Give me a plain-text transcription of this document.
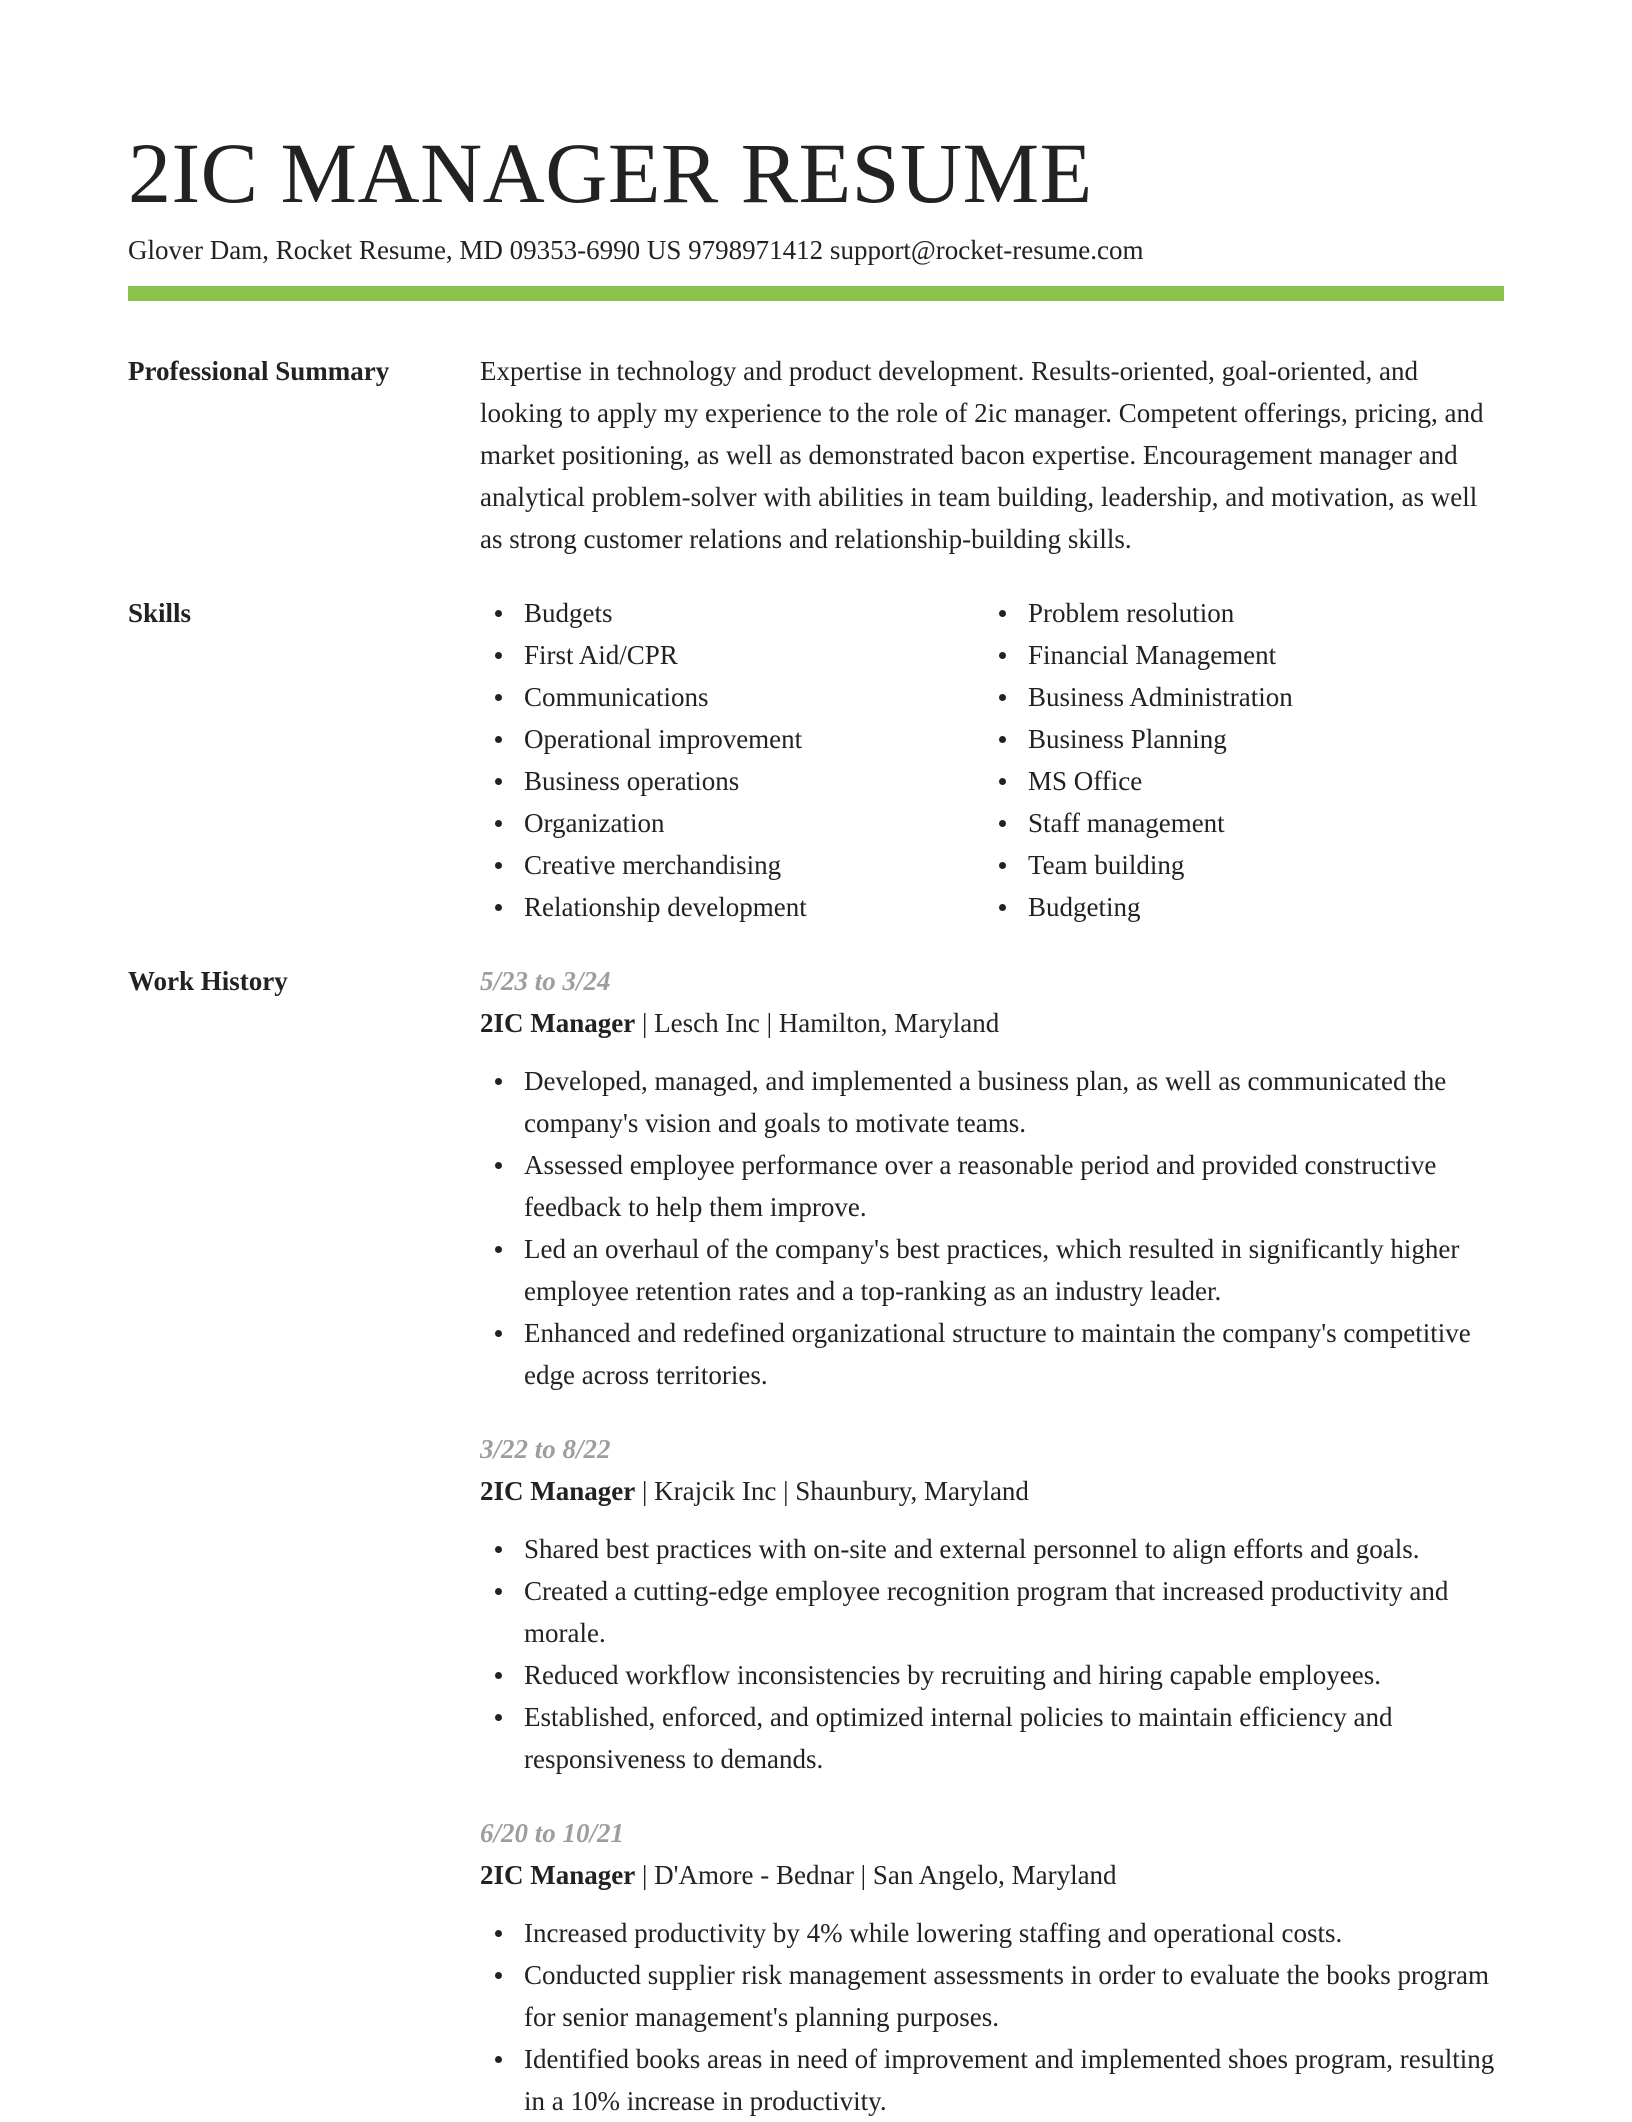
2IC MANAGER RESUME
Glover Dam, Rocket Resume, MD 09353-6990 US 9798971412 support@rocket-resume.com
Professional Summary	Expertise in technology and product development. Results-oriented, goal-oriented, and looking to apply my experience to the role of 2ic manager. Competent offerings, pricing, and market positioning, as well as demonstrated bacon expertise. Encouragement manager and analytical problem-solver with abilities in team building, leadership, and motivation, as well as strong customer relations and relationship-building skills.

Skills	Budgets
First Aid/CPR
Communications
Operational improvement
Business operations
Organization
Creative merchandising
Relationship development
Problem resolution
Financial Management
Business Administration
Business Planning
MS Office
Staff management
Team building
Budgeting
Work History	5/23 to 3/24
2IC Manager | Lesch Inc | Hamilton, Maryland
Developed, managed, and implemented a business plan, as well as communicated the company's vision and goals to motivate teams.
Assessed employee performance over a reasonable period and provided constructive feedback to help them improve.
Led an overhaul of the company's best practices, which resulted in significantly higher employee retention rates and a top-ranking as an industry leader.
Enhanced and redefined organizational structure to maintain the company's competitive edge across territories.
3/22 to 8/22
2IC Manager | Krajcik Inc | Shaunbury, Maryland
Shared best practices with on-site and external personnel to align efforts and goals.
Created a cutting-edge employee recognition program that increased productivity and morale.
Reduced workflow inconsistencies by recruiting and hiring capable employees.
Established, enforced, and optimized internal policies to maintain efficiency and responsiveness to demands.
6/20 to 10/21
2IC Manager | D'Amore - Bednar | San Angelo, Maryland
Increased productivity by 4% while lowering staffing and operational costs.
Conducted supplier risk management assessments in order to evaluate the books program for senior management's planning purposes.
Identified books areas in need of improvement and implemented shoes program, resulting in a 10% increase in productivity.
